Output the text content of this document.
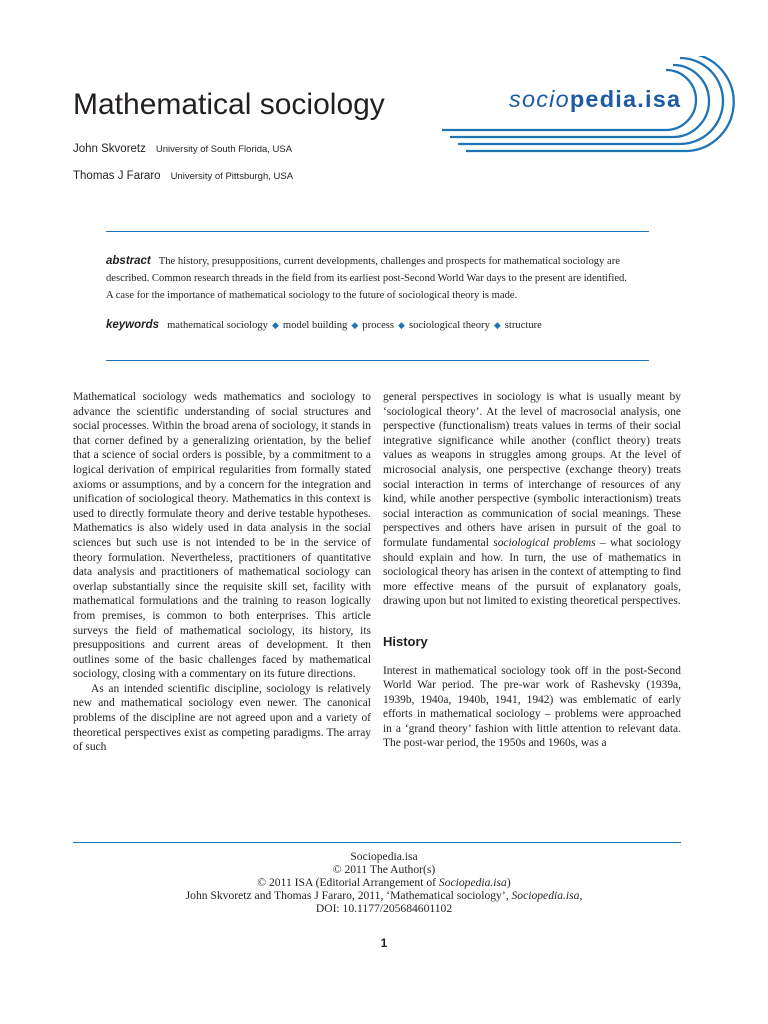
Mathematical sociology
John Skvoretz University of South Florida, USA
Thomas J Fararo University of Pittsburgh, USA
sociopedia.isa
abstract The history, presuppositions, current developments, challenges and prospects for mathematical sociology are described. Common research threads in the field from its earliest post-Second World War days to the present are identified. A case for the importance of mathematical sociology to the future of sociological theory is made.
keywords mathematical sociology ◆ model building ◆ process ◆ sociological theory ◆ structure

Mathematical sociology weds mathematics and sociology to advance the scientific understanding of social structures and social processes. Within the broad arena of sociology, it stands in that corner defined by a generalizing orientation, by the belief that a science of social orders is possible, by a commitment to a logical derivation of empirical regularities from formally stated axioms or assumptions, and by a concern for the integration and unification of sociological theory. Mathematics in this context is used to directly formulate theory and derive testable hypotheses. Mathematics is also widely used in data analysis in the social sciences but such use is not intended to be in the service of theory formulation. Nevertheless, practitioners of quantitative data analysis and practitioners of mathematical sociology can overlap substantially since the requisite skill set, facility with mathematical formulations and the training to reason logically from premises, is common to both enterprises. This article surveys the field of mathematical sociology, its history, its presuppositions and current areas of development. It then outlines some of the basic challenges faced by mathematical sociology, closing with a commentary on its future directions.

As an intended scientific discipline, sociology is relatively new and mathematical sociology even newer. The canonical problems of the discipline are not agreed upon and a variety of theoretical perspectives exist as competing paradigms. The array of such

general perspectives in sociology is what is usually meant by ‘sociological theory’. At the level of macrosocial analysis, one perspective (functionalism) treats values in terms of their social integrative significance while another (conflict theory) treats values as weapons in struggles among groups. At the level of microsocial analysis, one perspective (exchange theory) treats social interaction in terms of interchange of resources of any kind, while another perspective (symbolic interactionism) treats social interaction as communication of social meanings. These perspectives and others have arisen in pursuit of the goal to formulate fundamental sociological problems – what sociology should explain and how. In turn, the use of mathematics in sociological theory has arisen in the context of attempting to find more effective means of the pursuit of explanatory goals, drawing upon but not limited to existing theoretical perspectives.

History

Interest in mathematical sociology took off in the post-Second World War period. The pre-war work of Rashevsky (1939a, 1939b, 1940a, 1940b, 1941, 1942) was emblematic of early efforts in mathematical sociology – problems were approached in a ‘grand theory’ fashion with little attention to relevant data. The post-war period, the 1950s and 1960s, was a

Sociopedia.isa
© 2011 The Author(s)
© 2011 ISA (Editorial Arrangement of Sociopedia.isa)
John Skvoretz and Thomas J Fararo, 2011, ‘Mathematical sociology’, Sociopedia.isa,
DOI: 10.1177/205684601102
1
